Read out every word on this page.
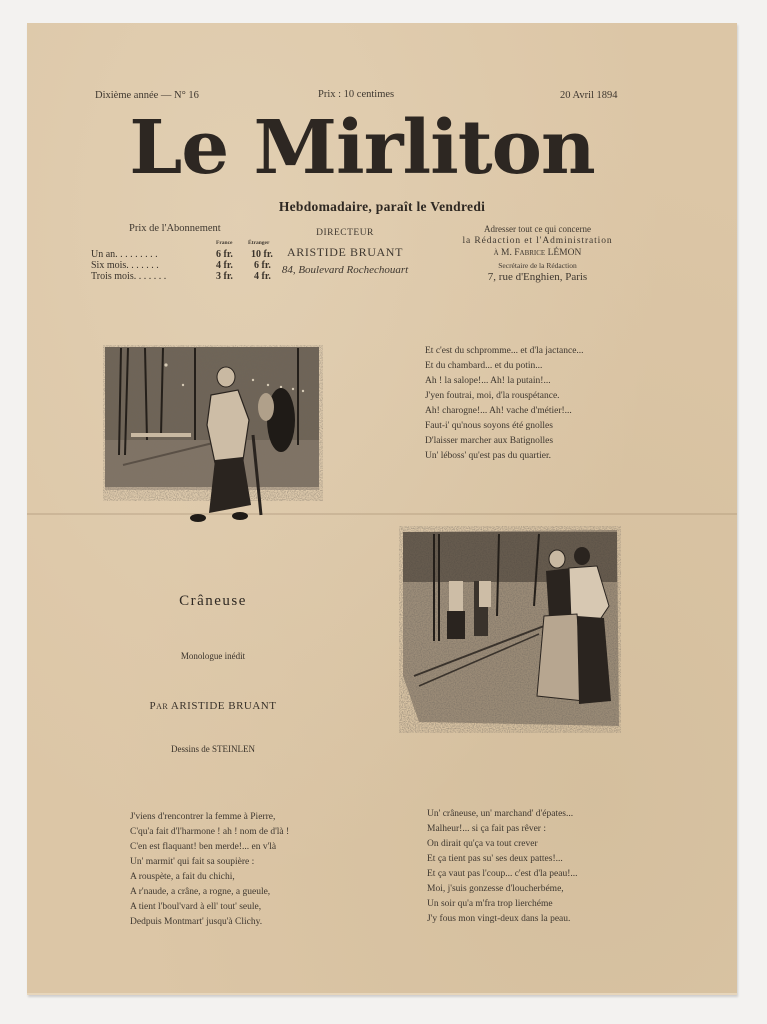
Dixième année — N° 16	Prix : 10 centimes	20 Avril 1894
Le Mirliton
Hebdomadaire, paraît le Vendredi
Prix de l'Abonnement
France	Étranger
Un an. . . . . . . . .	6 fr. 10 fr.
Six mois. . . . . . .	4 fr. 6 fr.
Trois mois. . . . . . .	3 fr. 4 fr.
DIRECTEUR
ARISTIDE BRUANT
84, Boulevard Rochechouart
Adresser tout ce qui concerne
la Rédaction et l'Administration
à M. Fabrice LÉMON
Secrétaire de la Rédaction
7, rue d'Enghien, Paris
Et c'est du schpromme... et d'la jactance...
Et du chambard... et du potin...
Ah ! la salope!... Ah! la putain!...
J'yen foutrai, moi, d'la rouspétance.
Ah! charogne!... Ah! vache d'métier!...
Faut-i' qu'nous soyons été gnolles
D'laisser marcher aux Batignolles
Un' léboss' qu'est pas du quartier.
Crâneuse
Monologue inédit
Par ARISTIDE BRUANT
Dessins de STEINLEN
J'viens d'rencontrer la femme à Pierre,
C'qu'a fait d'l'harmone ! ah ! nom de d'là !
C'en est flaquant! ben merde!... en v'là
Un' marmit' qui fait sa soupière :
A rouspète, a fait du chichi,
A r'naude, a crâne, a rogne, a gueule,
A tient l'boul'vard à ell' tout' seule,
Dedpuis Montmart' jusqu'à Clichy.
Un' crâneuse, un' marchand' d'épates...
Malheur!... si ça fait pas rêver :
On dirait qu'ça va tout crever
Et ça tient pas su' ses deux pattes!...
Et ça vaut pas l'coup... c'est d'la peau!...
Moi, j'suis gonzesse d'loucherbéme,
Un soir qu'a m'fra trop lierchéme
J'y fous mon vingt-deux dans la peau.
